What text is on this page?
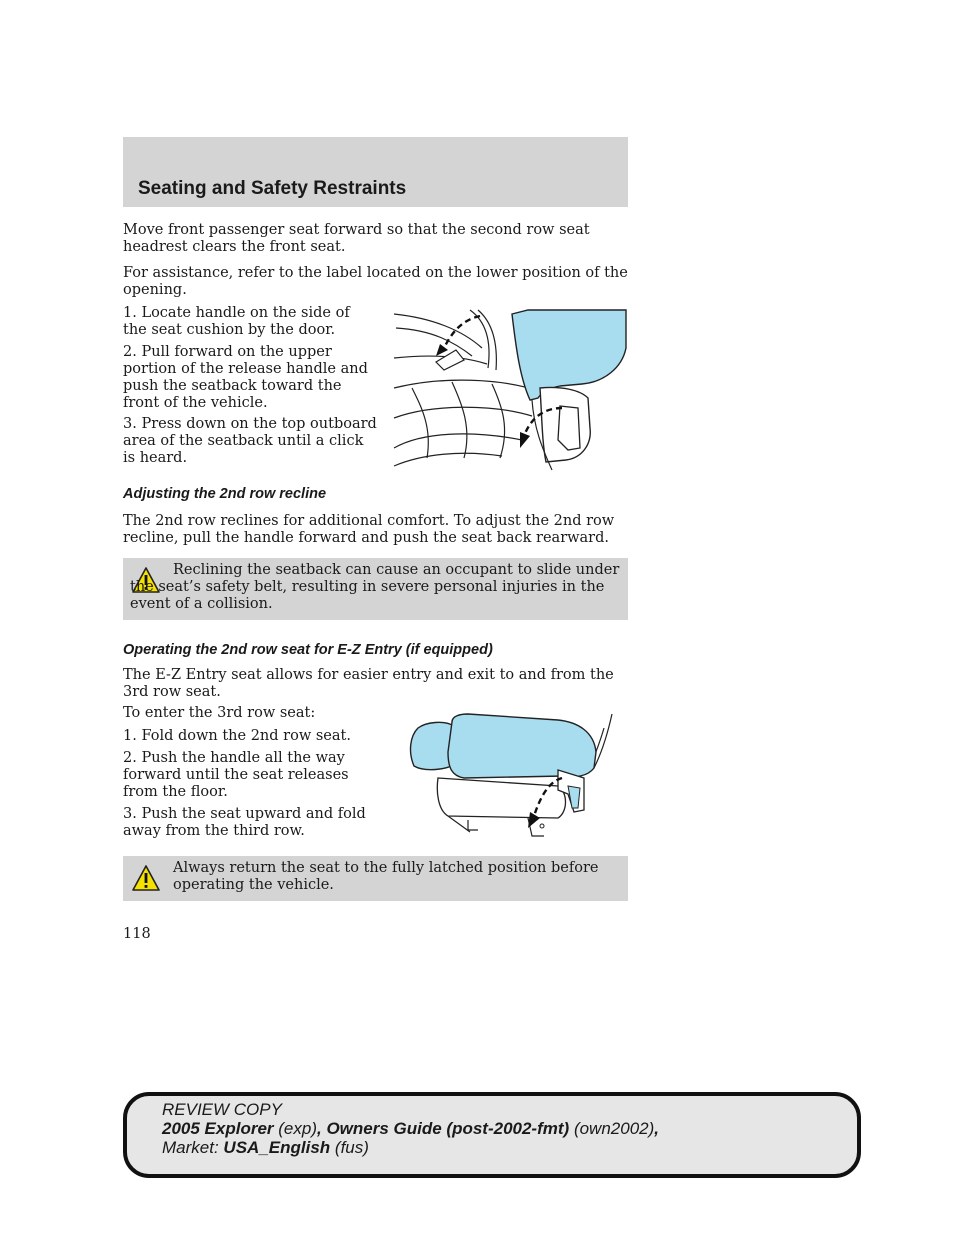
Seating and Safety Restraints
Move front passenger seat forward so that the second row seat headrest clears the front seat.
For assistance, refer to the label located on the lower position of the opening.
1. Locate handle on the side of the seat cushion by the door.
2. Pull forward on the upper portion of the release handle and push the seatback toward the front of the vehicle.
3. Press down on the top outboard area of the seatback until a click is heard.
Adjusting the 2nd row recline
The 2nd row reclines for additional comfort. To adjust the 2nd row recline, pull the handle forward and push the seat back rearward.
Reclining the seatback can cause an occupant to slide under the seat’s safety belt, resulting in severe personal injuries in the event of a collision.
Operating the 2nd row seat for E-Z Entry (if equipped)
The E-Z Entry seat allows for easier entry and exit to and from the 3rd row seat.
To enter the 3rd row seat:
1. Fold down the 2nd row seat.
2. Push the handle all the way forward until the seat releases from the floor.
3. Push the seat upward and fold away from the third row.
Always return the seat to the fully latched position before operating the vehicle.
118
REVIEW COPY
2005 Explorer (exp), Owners Guide (post-2002-fmt) (own2002),
Market: USA_English (fus)
